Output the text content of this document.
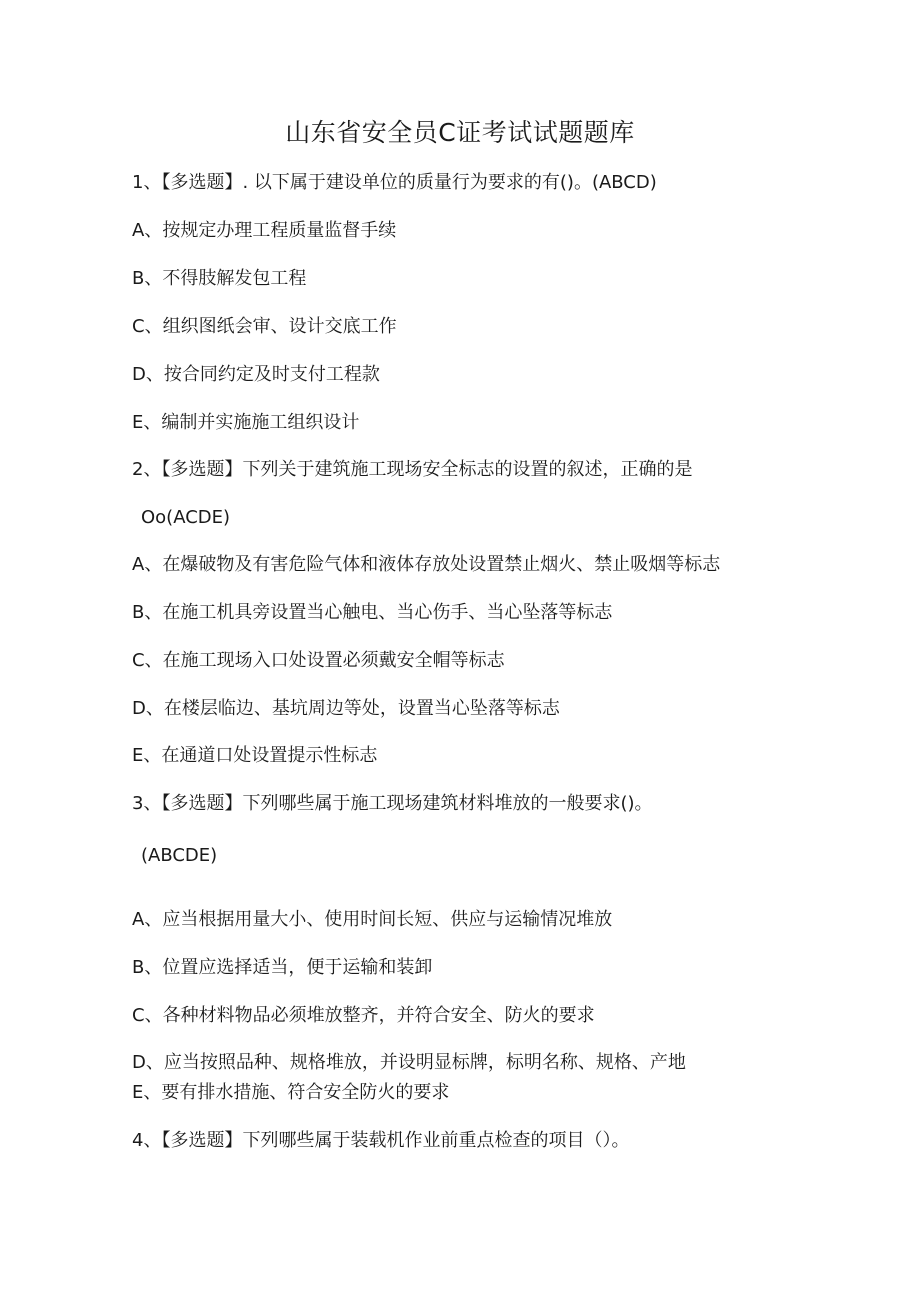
山东省安全员C证考试试题题库
1、【多选题】. 以下属于建设单位的质量行为要求的有()。(ABCD)
A、按规定办理工程质量监督手续
B、不得肢解发包工程
C、组织图纸会审、设计交底工作
D、按合同约定及时支付工程款
E、编制并实施施工组织设计
2、【多选题】下列关于建筑施工现场安全标志的设置的叙述，正确的是
Oo(ACDE)
A、在爆破物及有害危险气体和液体存放处设置禁止烟火、禁止吸烟等标志
B、在施工机具旁设置当心触电、当心伤手、当心坠落等标志
C、在施工现场入口处设置必须戴安全帽等标志
D、在楼层临边、基坑周边等处，设置当心坠落等标志
E、在通道口处设置提示性标志
3、【多选题】下列哪些属于施工现场建筑材料堆放的一般要求()。
(ABCDE)
A、应当根据用量大小、使用时间长短、供应与运输情况堆放
B、位置应选择适当，便于运输和装卸
C、各种材料物品必须堆放整齐，并符合安全、防火的要求
D、应当按照品种、规格堆放，并设明显标牌，标明名称、规格、产地
E、要有排水措施、符合安全防火的要求
4、【多选题】下列哪些属于装载机作业前重点检查的项目（）。
